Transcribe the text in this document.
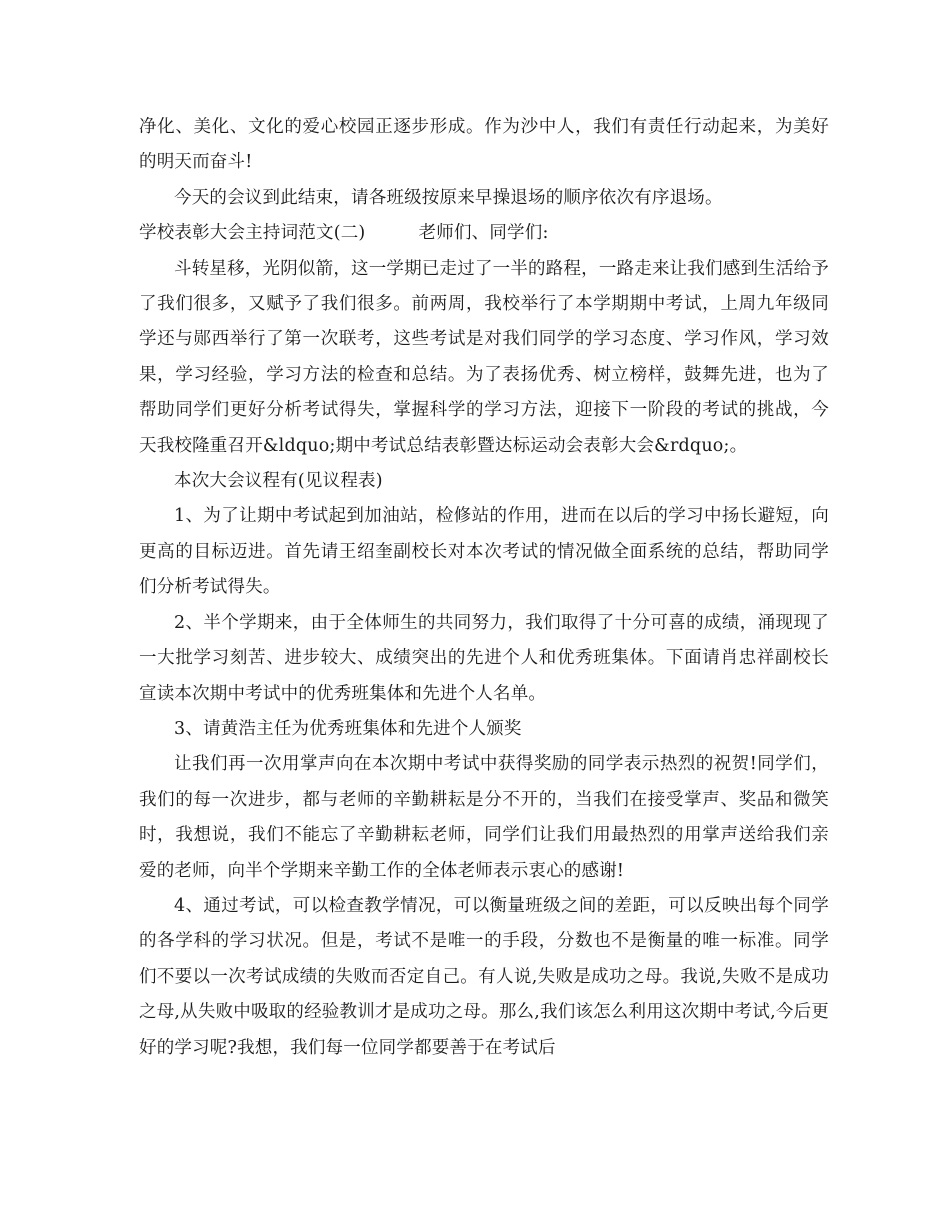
净化、美化、文化的爱心校园正逐步形成。作为沙中人，我们有责任行动起来，为美好的明天而奋斗!

今天的会议到此结束，请各班级按原来早操退场的顺序依次有序退场。

学校表彰大会主持词范文(二)　　　老师们、同学们:

斗转星移，光阴似箭，这一学期已走过了一半的路程，一路走来让我们感到生活给予了我们很多，又赋予了我们很多。前两周，我校举行了本学期期中考试，上周九年级同学还与郧西举行了第一次联考，这些考试是对我们同学的学习态度、学习作风，学习效果，学习经验，学习方法的检查和总结。为了表扬优秀、树立榜样，鼓舞先进，也为了帮助同学们更好分析考试得失，掌握科学的学习方法，迎接下一阶段的考试的挑战，今天我校隆重召开&ldquo;期中考试总结表彰暨达标运动会表彰大会&rdquo;。

本次大会议程有(见议程表)

1、为了让期中考试起到加油站，检修站的作用，进而在以后的学习中扬长避短，向更高的目标迈进。首先请王绍奎副校长对本次考试的情况做全面系统的总结，帮助同学们分析考试得失。

2、半个学期来，由于全体师生的共同努力，我们取得了十分可喜的成绩，涌现现了一大批学习刻苦、进步较大、成绩突出的先进个人和优秀班集体。下面请肖忠祥副校长宣读本次期中考试中的优秀班集体和先进个人名单。

3、请黄浩主任为优秀班集体和先进个人颁奖

让我们再一次用掌声向在本次期中考试中获得奖励的同学表示热烈的祝贺!同学们，我们的每一次进步，都与老师的辛勤耕耘是分不开的，当我们在接受掌声、奖品和微笑时，我想说，我们不能忘了辛勤耕耘老师，同学们让我们用最热烈的用掌声送给我们亲爱的老师，向半个学期来辛勤工作的全体老师表示衷心的感谢!

4、通过考试，可以检查教学情况，可以衡量班级之间的差距，可以反映出每个同学的各学科的学习状况。但是，考试不是唯一的手段，分数也不是衡量的唯一标准。同学们不要以一次考试成绩的失败而否定自己。有人说,失败是成功之母。我说,失败不是成功之母,从失败中吸取的经验教训才是成功之母。那么,我们该怎么利用这次期中考试,今后更好的学习呢?我想，我们每一位同学都要善于在考试后
